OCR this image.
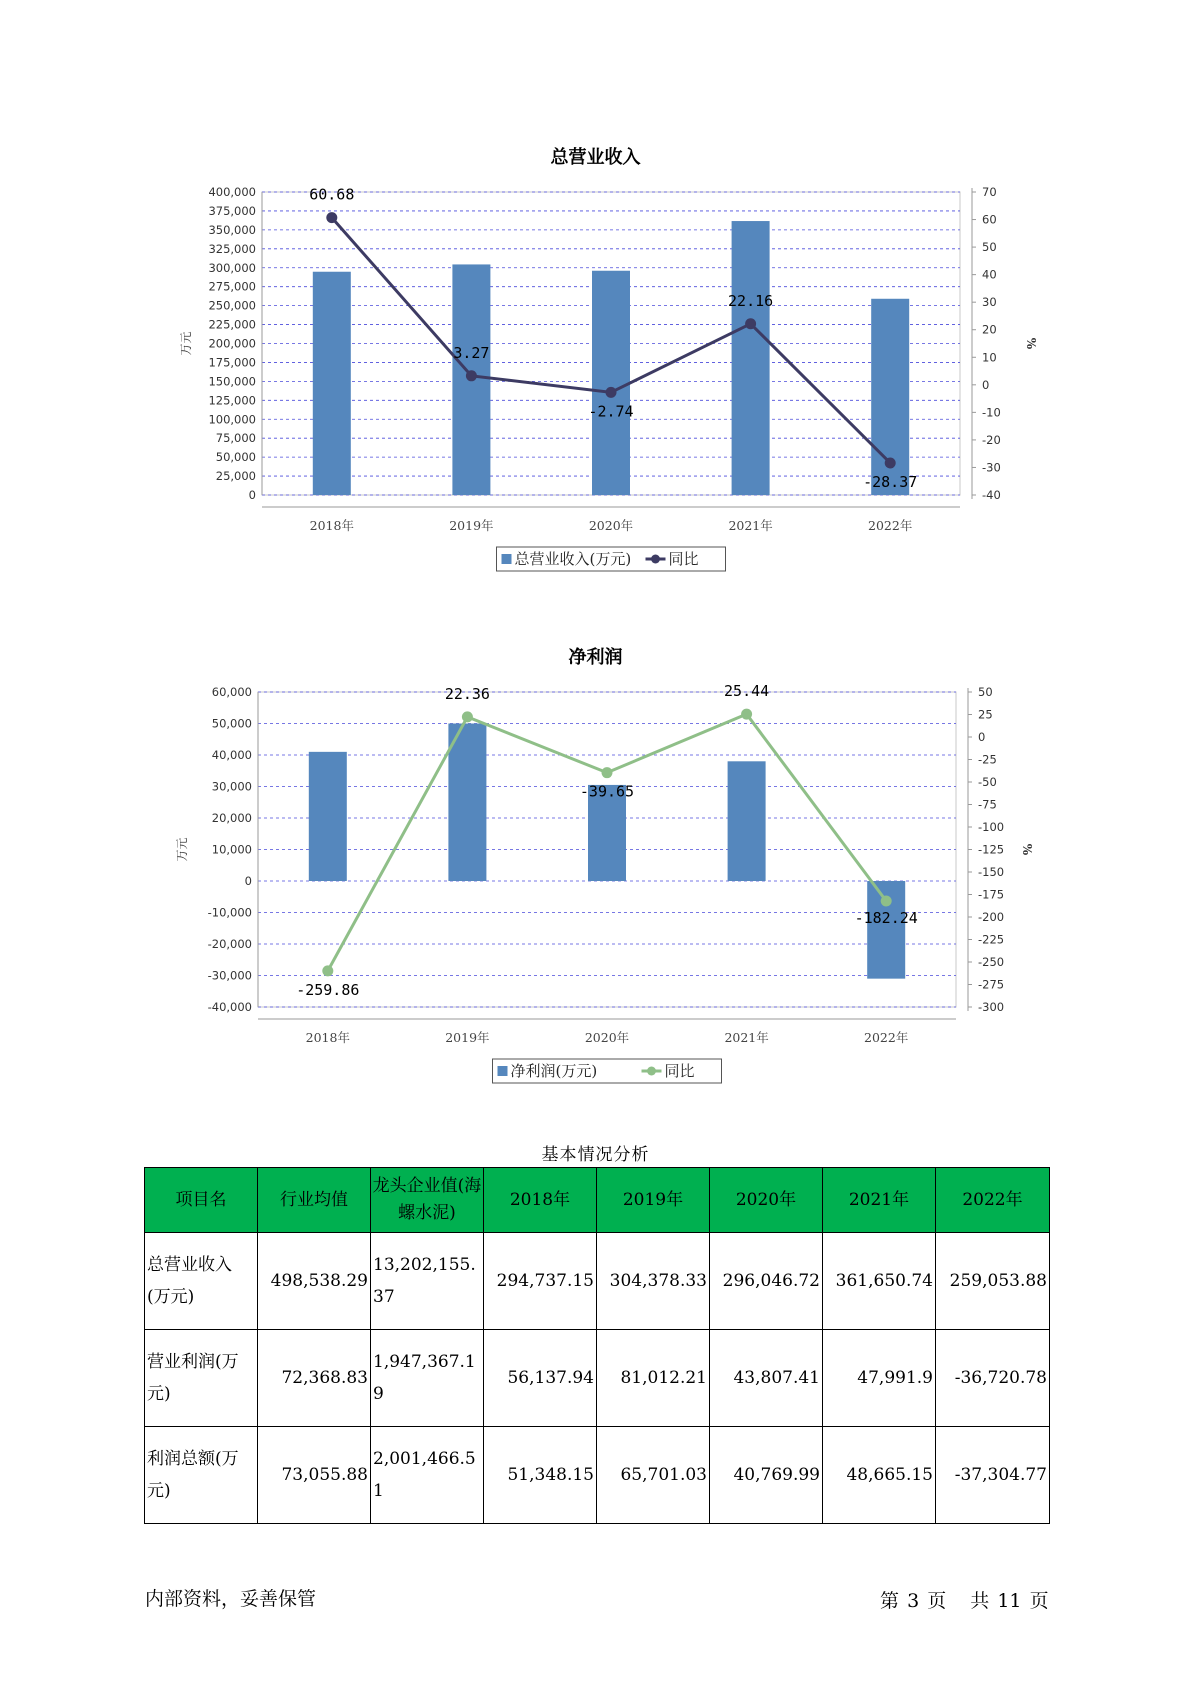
总营业收入
0
25,000
50,000
75,000
100,000
125,000
150,000
175,000
200,000
225,000
250,000
275,000
300,000
325,000
350,000
375,000
400,000
-40
-30
-20
-10
0
10
20
30
40
50
60
70
2018年	2019年	2020年	2021年	2022年
万元	%
60.68
3.27
-2.74
22.16
-28.37
总营业收入(万元) 同比
净利润
-40,000
-30,000
-20,000
-10,000
0
10,000
20,000
30,000
40,000
50,000
60,000
-300
-275
-250
-225
-200
-175
-150
-125
-100
-75
-50
-25
0
25
50
2018年	2019年	2020年	2021年	2022年
万元	%
-259.86
22.36
-39.65
25.44
-182.24
净利润(万元)	同比
基本情况分析
项目名	行业均值	龙头企业值(海螺水泥)	2018年	2019年	2020年	2021年	2022年
总营业收入(万元)	498,538.29	13,202,155.37	294,737.15	304,378.33	296,046.72	361,650.74	259,053.88
营业利润(万元)	72,368.83	1,947,367.19	56,137.94	81,012.21	43,807.41	47,991.9	-36,720.78
利润总额(万元)	73,055.88	2,001,466.51	51,348.15	65,701.03	40,769.99	48,665.15	-37,304.77
内部资料，妥善保管	第 3 页 共 11 页
